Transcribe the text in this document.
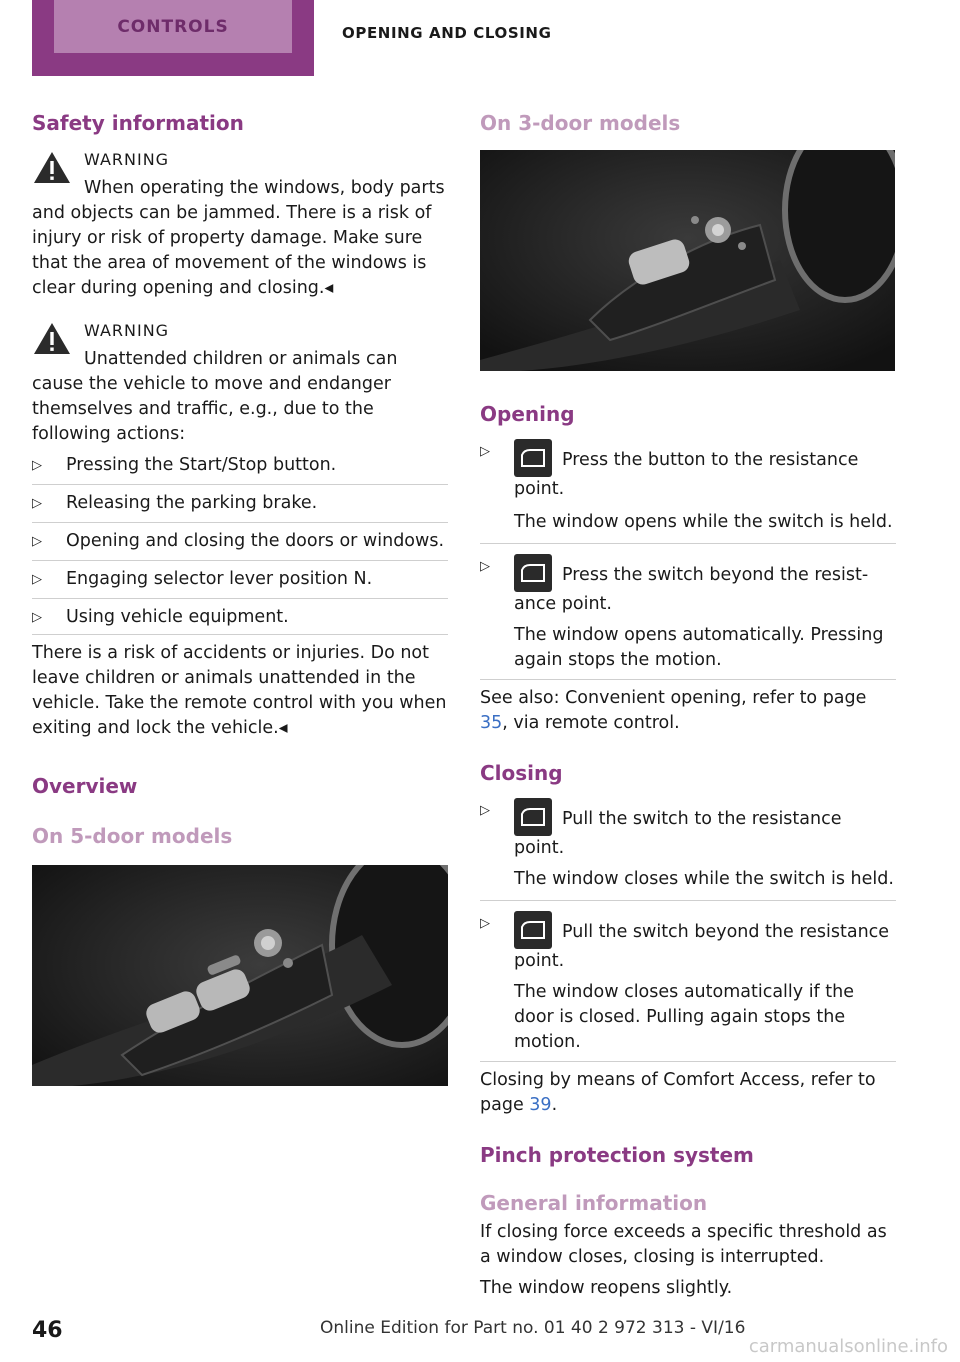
CONTROLS	OPENING AND CLOSING
Safety information
WARNING

When operating the windows, body parts

and objects can be jammed. There is a risk of injury or risk of property damage. Make sure that the area of movement of the windows is clear during opening and closing.◂

WARNING

Unattended children or animals can

cause the vehicle to move and endanger themselves and traffic, e.g., due to the following actions:

▷ Pressing the Start/Stop button.
▷ Releasing the parking brake.
▷ Opening and closing the doors or windows.
▷ Engaging selector lever position N.
▷ Using vehicle equipment.

There is a risk of accidents or injuries. Do not leave children or animals unattended in the vehicle. Take the remote control with you when exiting and lock the vehicle.◂

Overview
On 5-door models
On 3-door models
Opening
▷	Press the button to the resistance point.

The window opens while the switch is held.

▷	Press the switch beyond the resistance point.

The window opens automatically. Pressing again stops the motion.

See also: Convenient opening, refer to page 35, via remote control.

Closing
▷	Pull the switch to the resistance point.

The window closes while the switch is held.

▷	Pull the switch beyond the resistance point.

The window closes automatically if the door is closed. Pulling again stops the motion.

Closing by means of Comfort Access, refer to page 39.

Pinch protection system
General information

If closing force exceeds a specific threshold as a window closes, closing is interrupted.

The window reopens slightly.

46	Online Edition for Part no. 01 40 2 972 313 - VI/16
carmanualsonline.info
